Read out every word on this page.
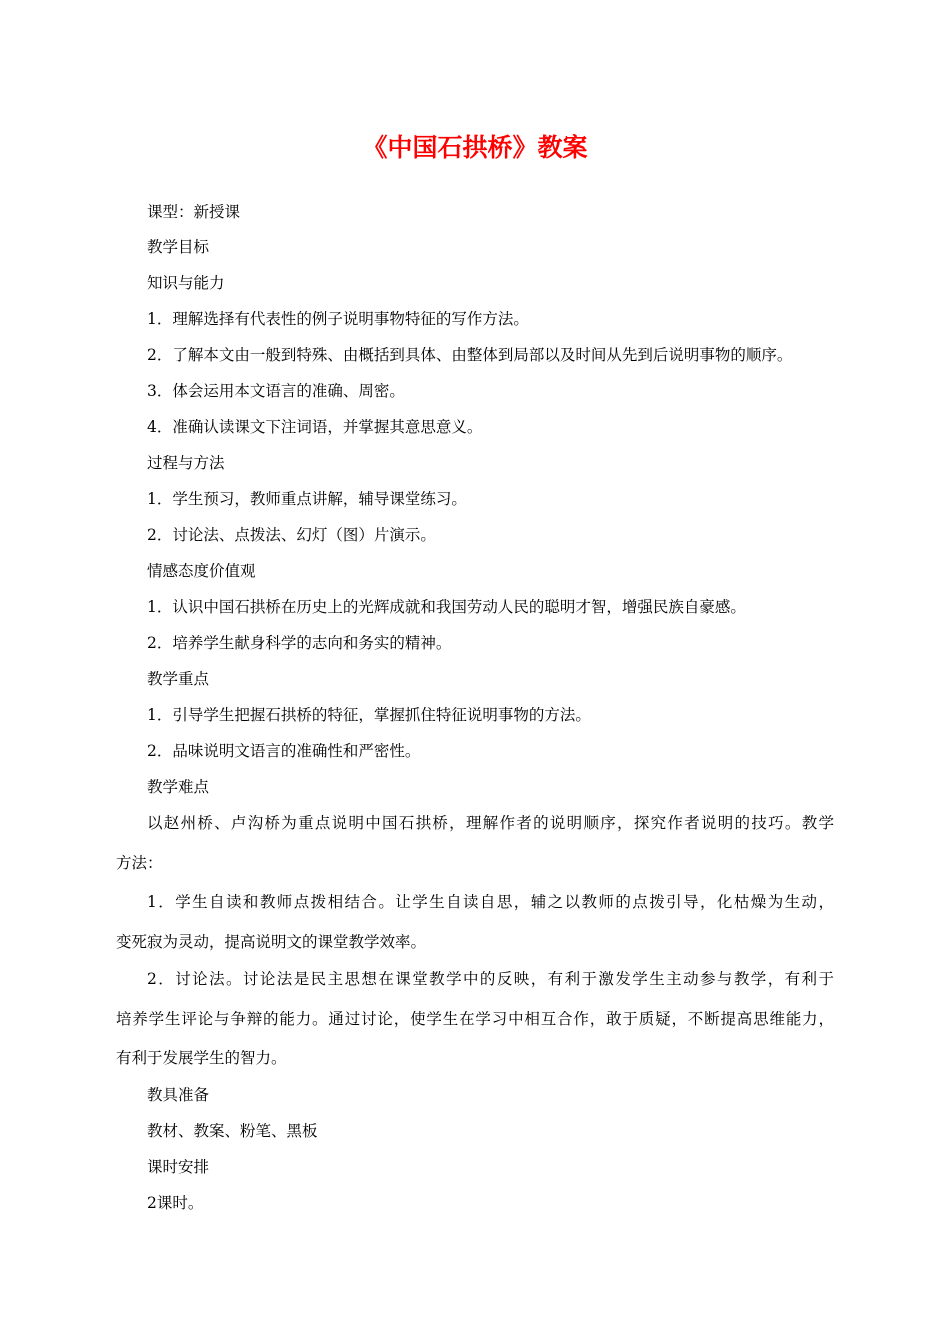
《中国石拱桥》教案

课型：新授课

教学目标

知识与能力

1．理解选择有代表性的例子说明事物特征的写作方法。

2．了解本文由一般到特殊、由概括到具体、由整体到局部以及时间从先到后说明事物的顺序。

3．体会运用本文语言的准确、周密。

4．准确认读课文下注词语，并掌握其意思意义。

过程与方法

1．学生预习，教师重点讲解，辅导课堂练习。

2．讨论法、点拨法、幻灯（图）片演示。

情感态度价值观

1．认识中国石拱桥在历史上的光辉成就和我国劳动人民的聪明才智，增强民族自豪感。

2．培养学生献身科学的志向和务实的精神。

教学重点

1．引导学生把握石拱桥的特征，掌握抓住特征说明事物的方法。

2．品味说明文语言的准确性和严密性。

教学难点

以赵州桥、卢沟桥为重点说明中国石拱桥，理解作者的说明顺序，探究作者说明的技巧。教学

方法：

1．学生自读和教师点拨相结合。让学生自读自思，辅之以教师的点拨引导，化枯燥为生动，

变死寂为灵动，提高说明文的课堂教学效率。

2．讨论法。讨论法是民主思想在课堂教学中的反映，有利于激发学生主动参与教学，有利于

培养学生评论与争辩的能力。通过讨论，使学生在学习中相互合作，敢于质疑，不断提高思维能力，

有利于发展学生的智力。

教具准备

教材、教案、粉笔、黑板

课时安排

2课时。
